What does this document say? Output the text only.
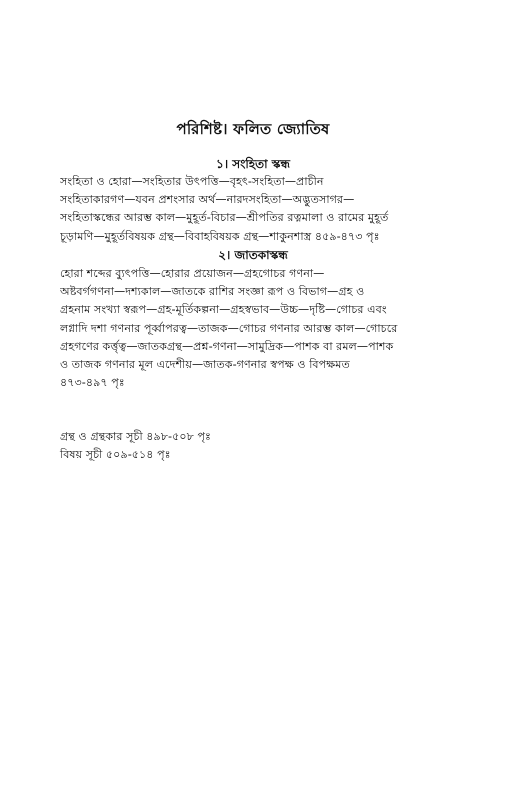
পরিশিষ্ট। ফলিত জ্যোতিষ
১। সংহিতা স্কন্ধ
সংহিতা ও হোরা—সংহিতার উৎপত্তি—বৃহৎ-সংহিতা—প্রাচীন
সংহিতাকারগণ—যবন প্রশংসার অর্থ—নারদসংহিতা—অদ্ভুতসাগর—
সংহিতাস্কন্ধের আরম্ভ কাল—মুহূর্ত-বিচার—শ্রীপতির রত্নমালা ও রামের মুহূর্ত
চূড়ামণি—মুহূর্তবিষয়ক গ্রন্থ—বিবাহবিষয়ক গ্রন্থ—শাকুনশাস্ত্র ৪৫৯-৪৭৩ পৃঃ
২। জাতকাস্কন্ধ
হোরা শব্দের ব্যুৎপত্তি—হোরার প্রয়োজন—গ্রহগোচর গণনা—
অষ্টবর্গগণনা—দশ্যকাল—জাতকে রাশির সংজ্ঞা রূপ ও বিভাগ—গ্রহ ও
গ্রহনাম সংখ্যা স্বরূপ—গ্রহ-মূর্তিকল্পনা—গ্রহস্বভাব—উচ্চ—দৃষ্টি—গোচর এবং
লগ্নাদি দশা গণনার পূর্ব্বাপরত্ব—তাজক—গোচর গণনার আরম্ভ কাল—গোচরে
গ্রহগণের কর্ত্তৃত্ব—জাতকগ্রন্থ—প্রশ্ন-গণনা—সামুদ্রিক—পাশক বা রমল—পাশক
ও তাজক গণনার মূল এদেশীয়—জাতক-গণনার স্বপক্ষ ও বিপক্ষমত
৪৭৩-৪৯৭ পৃঃ
গ্রন্থ ও গ্রন্থকার সূচী ৪৯৮-৫০৮ পৃঃ
বিষয় সূচী ৫০৯-৫১৪ পৃঃ
